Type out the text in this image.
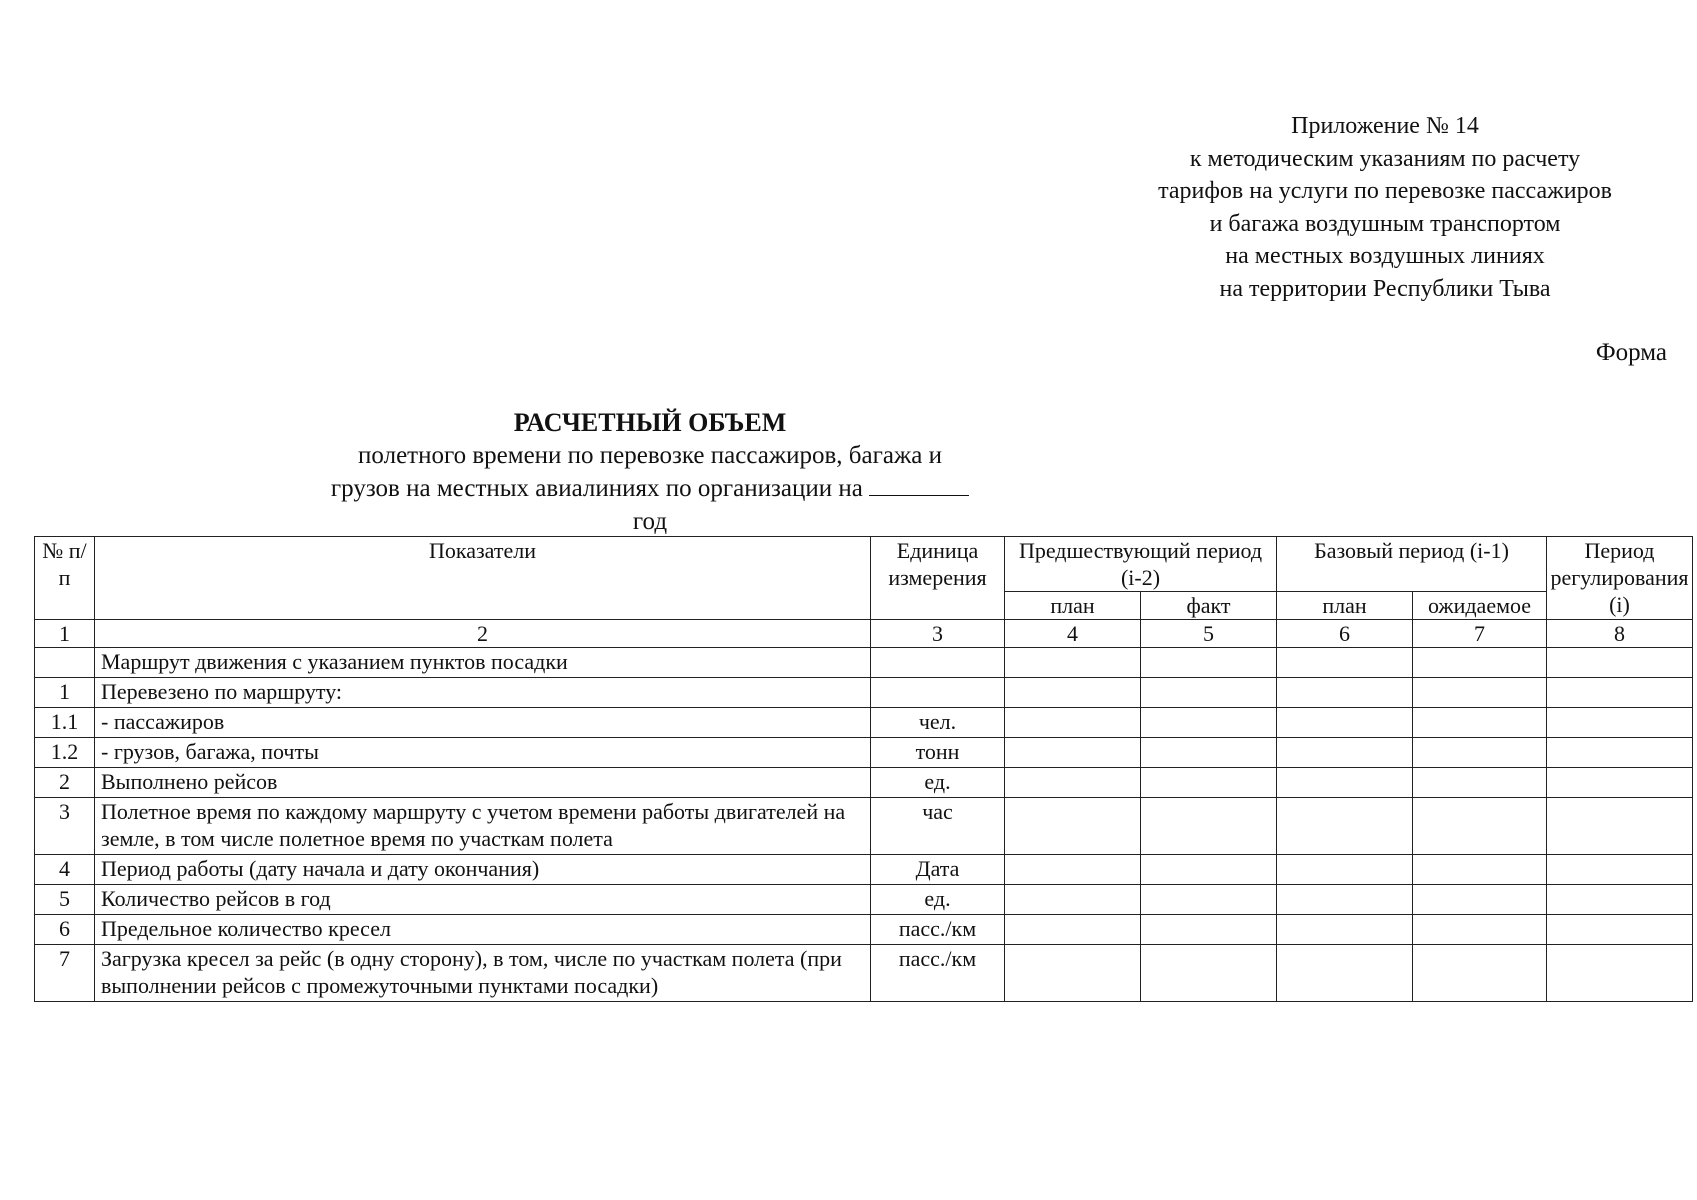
Приложение № 14
к методическим указаниям по расчету
тарифов на услуги по перевозке пассажиров
и багажа воздушным транспортом
на местных воздушных линиях
на территории Республики Тыва
Форма
РАСЧЕТНЫЙ ОБЪЕМ
полетного времени по перевозке пассажиров, багажа и
грузов на местных авиалиниях по организации на  год
№ п/п	Показатели	Единица измерения	Предшествующий период (i-2)		Базовый период (i-1)		Период регулирования (i)
			план	факт	план	ожидаемое	
1	2	3	4	5	6	7	8
	Маршрут движения с указанием пунктов посадки						
1	Перевезено по маршруту:						
1.1	- пассажиров	чел.					
1.2	- грузов, багажа, почты	тонн					
2	Выполнено рейсов	ед.					
3	Полетное время по каждому маршруту с учетом времени работы двигателей на земле, в том числе полетное время по участкам полета	час					
4	Период работы (дату начала и дату окончания)	Дата					
5	Количество рейсов в год	ед.					
6	Предельное количество кресел	пасс./км					
7	Загрузка кресел за рейс (в одну сторону), в том, числе по участкам полета (при выполнении рейсов с промежуточными пунктами посадки)	пасс./км					
